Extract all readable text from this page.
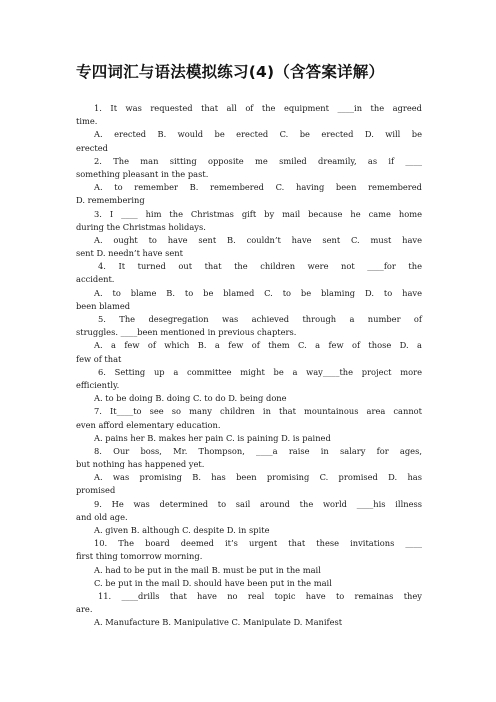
专四词汇与语法模拟练习(4)（含答案详解）
1. It was requested that all of the equipment ____in the agreed
time.
A. erected B. would be erected C. be erected D. will be
erected
2. The man sitting opposite me smiled dreamily, as if ____
something pleasant in the past.
A. to remember B. remembered C. having been remembered
D. remembering
3. I ____ him the Christmas gift by mail because he came home
during the Christmas holidays.
A. ought to have sent B. couldn’t have sent C. must have
sent D. needn’t have sent
4. It turned out that the children were not ____for the
accident.
A. to blame B. to be blamed C. to be blaming D. to have
been blamed
5. The desegregation was achieved through a number of
struggles. ____been mentioned in previous chapters.
A. a few of which B. a few of them C. a few of those D. a
few of that
6. Setting up a committee might be a way____the project more
efficiently.
A. to be doing B. doing C. to do D. being done
7. It____to see so many children in that mountainous area cannot
even afford elementary education.
A. pains her B. makes her pain C. is paining D. is pained
8. Our boss, Mr. Thompson, ____a raise in salary for ages,
but nothing has happened yet.
A. was promising B. has been promising C. promised D. has
promised
9. He was determined to sail around the world ____his illness
and old age.
A. given B. although C. despite D. in spite
10. The board deemed it’s urgent that these invitations ____
first thing tomorrow morning.
A. had to be put in the mail B. must be put in the mail
C. be put in the mail D. should have been put in the mail
11. ____drills that have no real topic have to remainas they
are.
A. Manufacture B. Manipulative C. Manipulate D. Manifest
